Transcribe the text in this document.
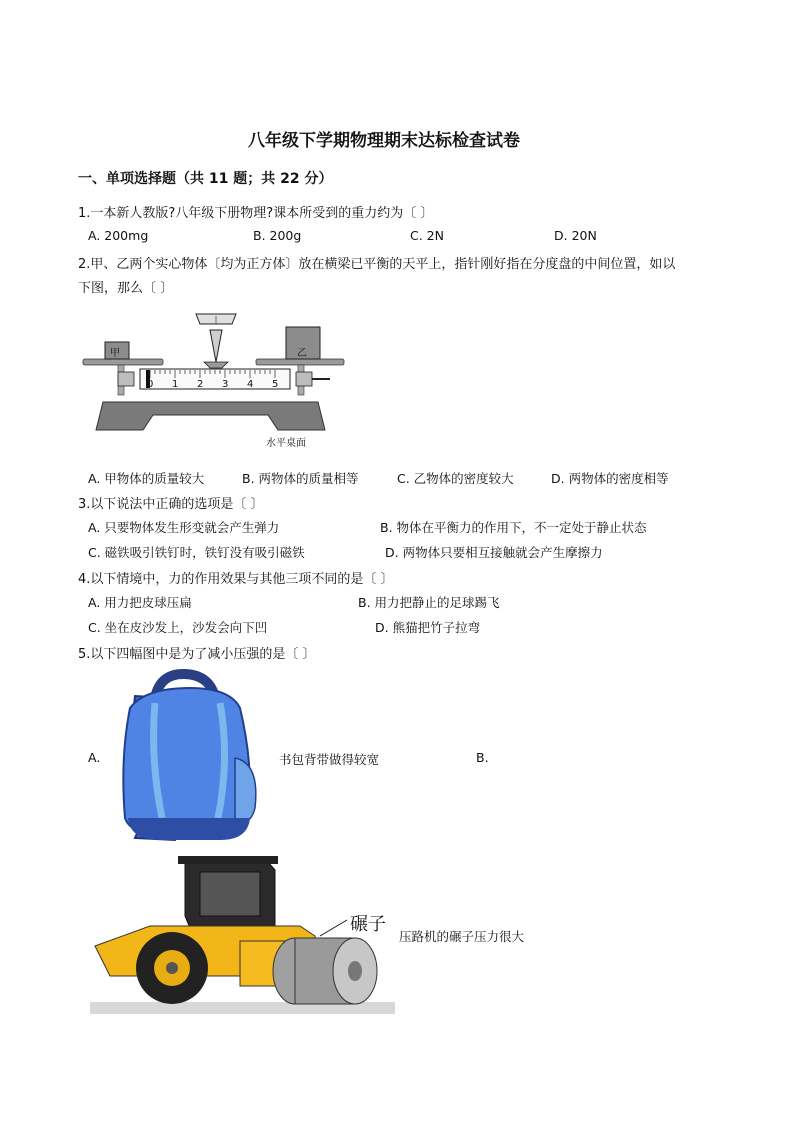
八年级下学期物理期末达标检查试卷
一、单项选择题（共 11 题；共 22 分）
1.一本新人教版?八年级下册物理?课本所受到的重力约为〔 〕
A. 200mg	B. 200g	C. 2N	D. 20N
2.甲、乙两个实心物体〔均为正方体〕放在横梁已平衡的天平上，指针刚好指在分度盘的中间位置，如以
下图，那么〔 〕
甲	乙
水平桌面
0 1 2 3 4 5
A. 甲物体的质量较大	B. 两物体的质量相等	C. 乙物体的密度较大	D. 两物体的密度相等
3.以下说法中正确的选项是〔 〕
A. 只要物体发生形变就会产生弹力	B. 物体在平衡力的作用下，不一定处于静止状态
C. 磁铁吸引铁钉时，铁钉没有吸引磁铁	D. 两物体只要相互接触就会产生摩擦力
4.以下情境中，力的作用效果与其他三项不同的是〔 〕
A. 用力把皮球压扁	B. 用力把静止的足球踢飞
C. 坐在皮沙发上，沙发会向下凹	D. 熊猫把竹子拉弯
5.以下四幅图中是为了减小压强的是〔 〕
A.	书包背带做得较宽	B.
碾子
压路机的碾子压力很大
